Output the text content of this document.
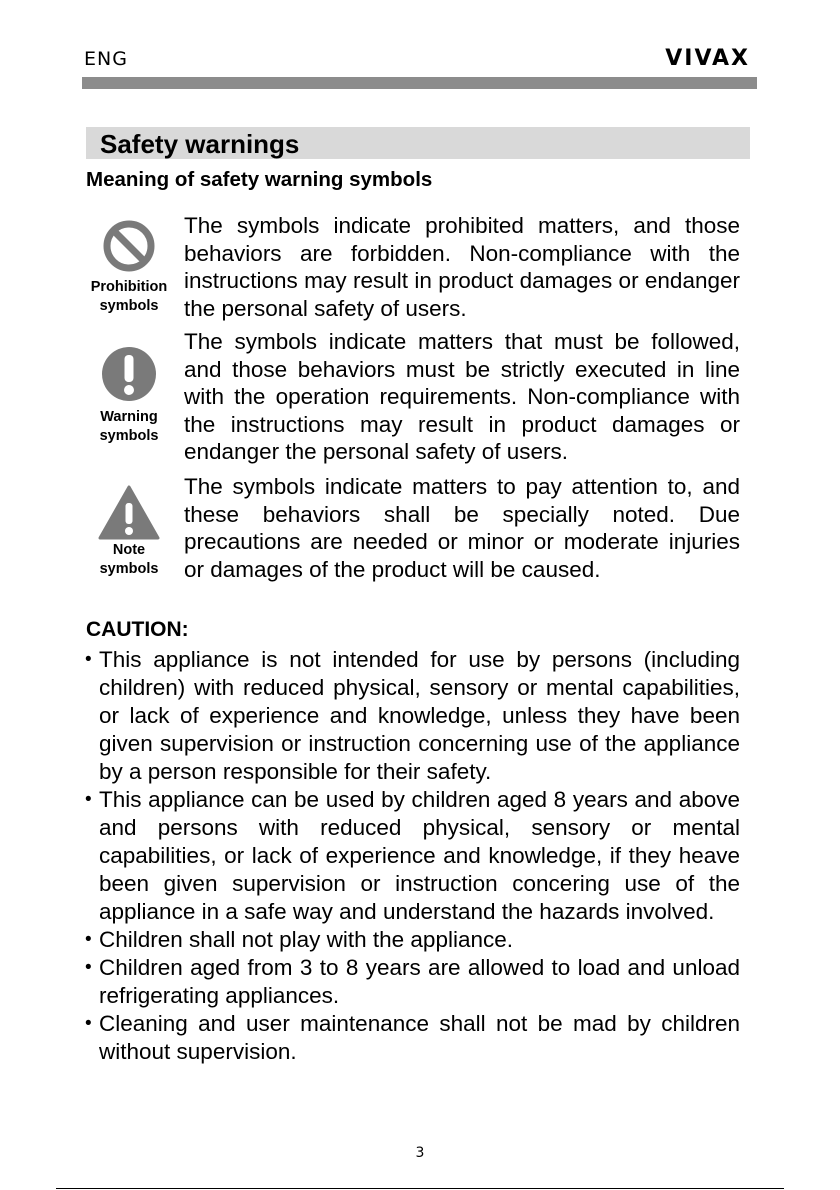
ENG	VIVAX
Safety warnings
Meaning of safety warning symbols
Prohibition
symbols
The symbols indicate prohibited matters, and those behaviors are forbidden. Non-compliance with the instructions may result in product damages or endanger the personal safety of users.
Warning
symbols
The symbols indicate matters that must be followed, and those behaviors must be strictly executed in line with the operation requirements. Non-compliance with the instructions may result in product damages or endanger the personal safety of users.
Note
symbols
The symbols indicate matters to pay attention to, and these behaviors shall be specially noted. Due precautions are needed or minor or moderate injuries or damages of the product will be caused.
CAUTION:
• This appliance is not intended for use by persons (including children) with reduced physical, sensory or mental capabilities, or lack of experience and knowledge, unless they have been given supervision or instruction concerning use of the appliance by a person responsible for their safety.
• This appliance can be used by children aged 8 years and above and persons with reduced physical, sensory or mental capabilities, or lack of experience and knowledge, if they heave been given supervision or instruction concering use of the appliance in a safe way and understand the hazards involved.
• Children shall not play with the appliance.
• Children aged from 3 to 8 years are allowed to load and unload refrigerating appliances.
• Cleaning and user maintenance shall not be mad by children without supervision.
3
